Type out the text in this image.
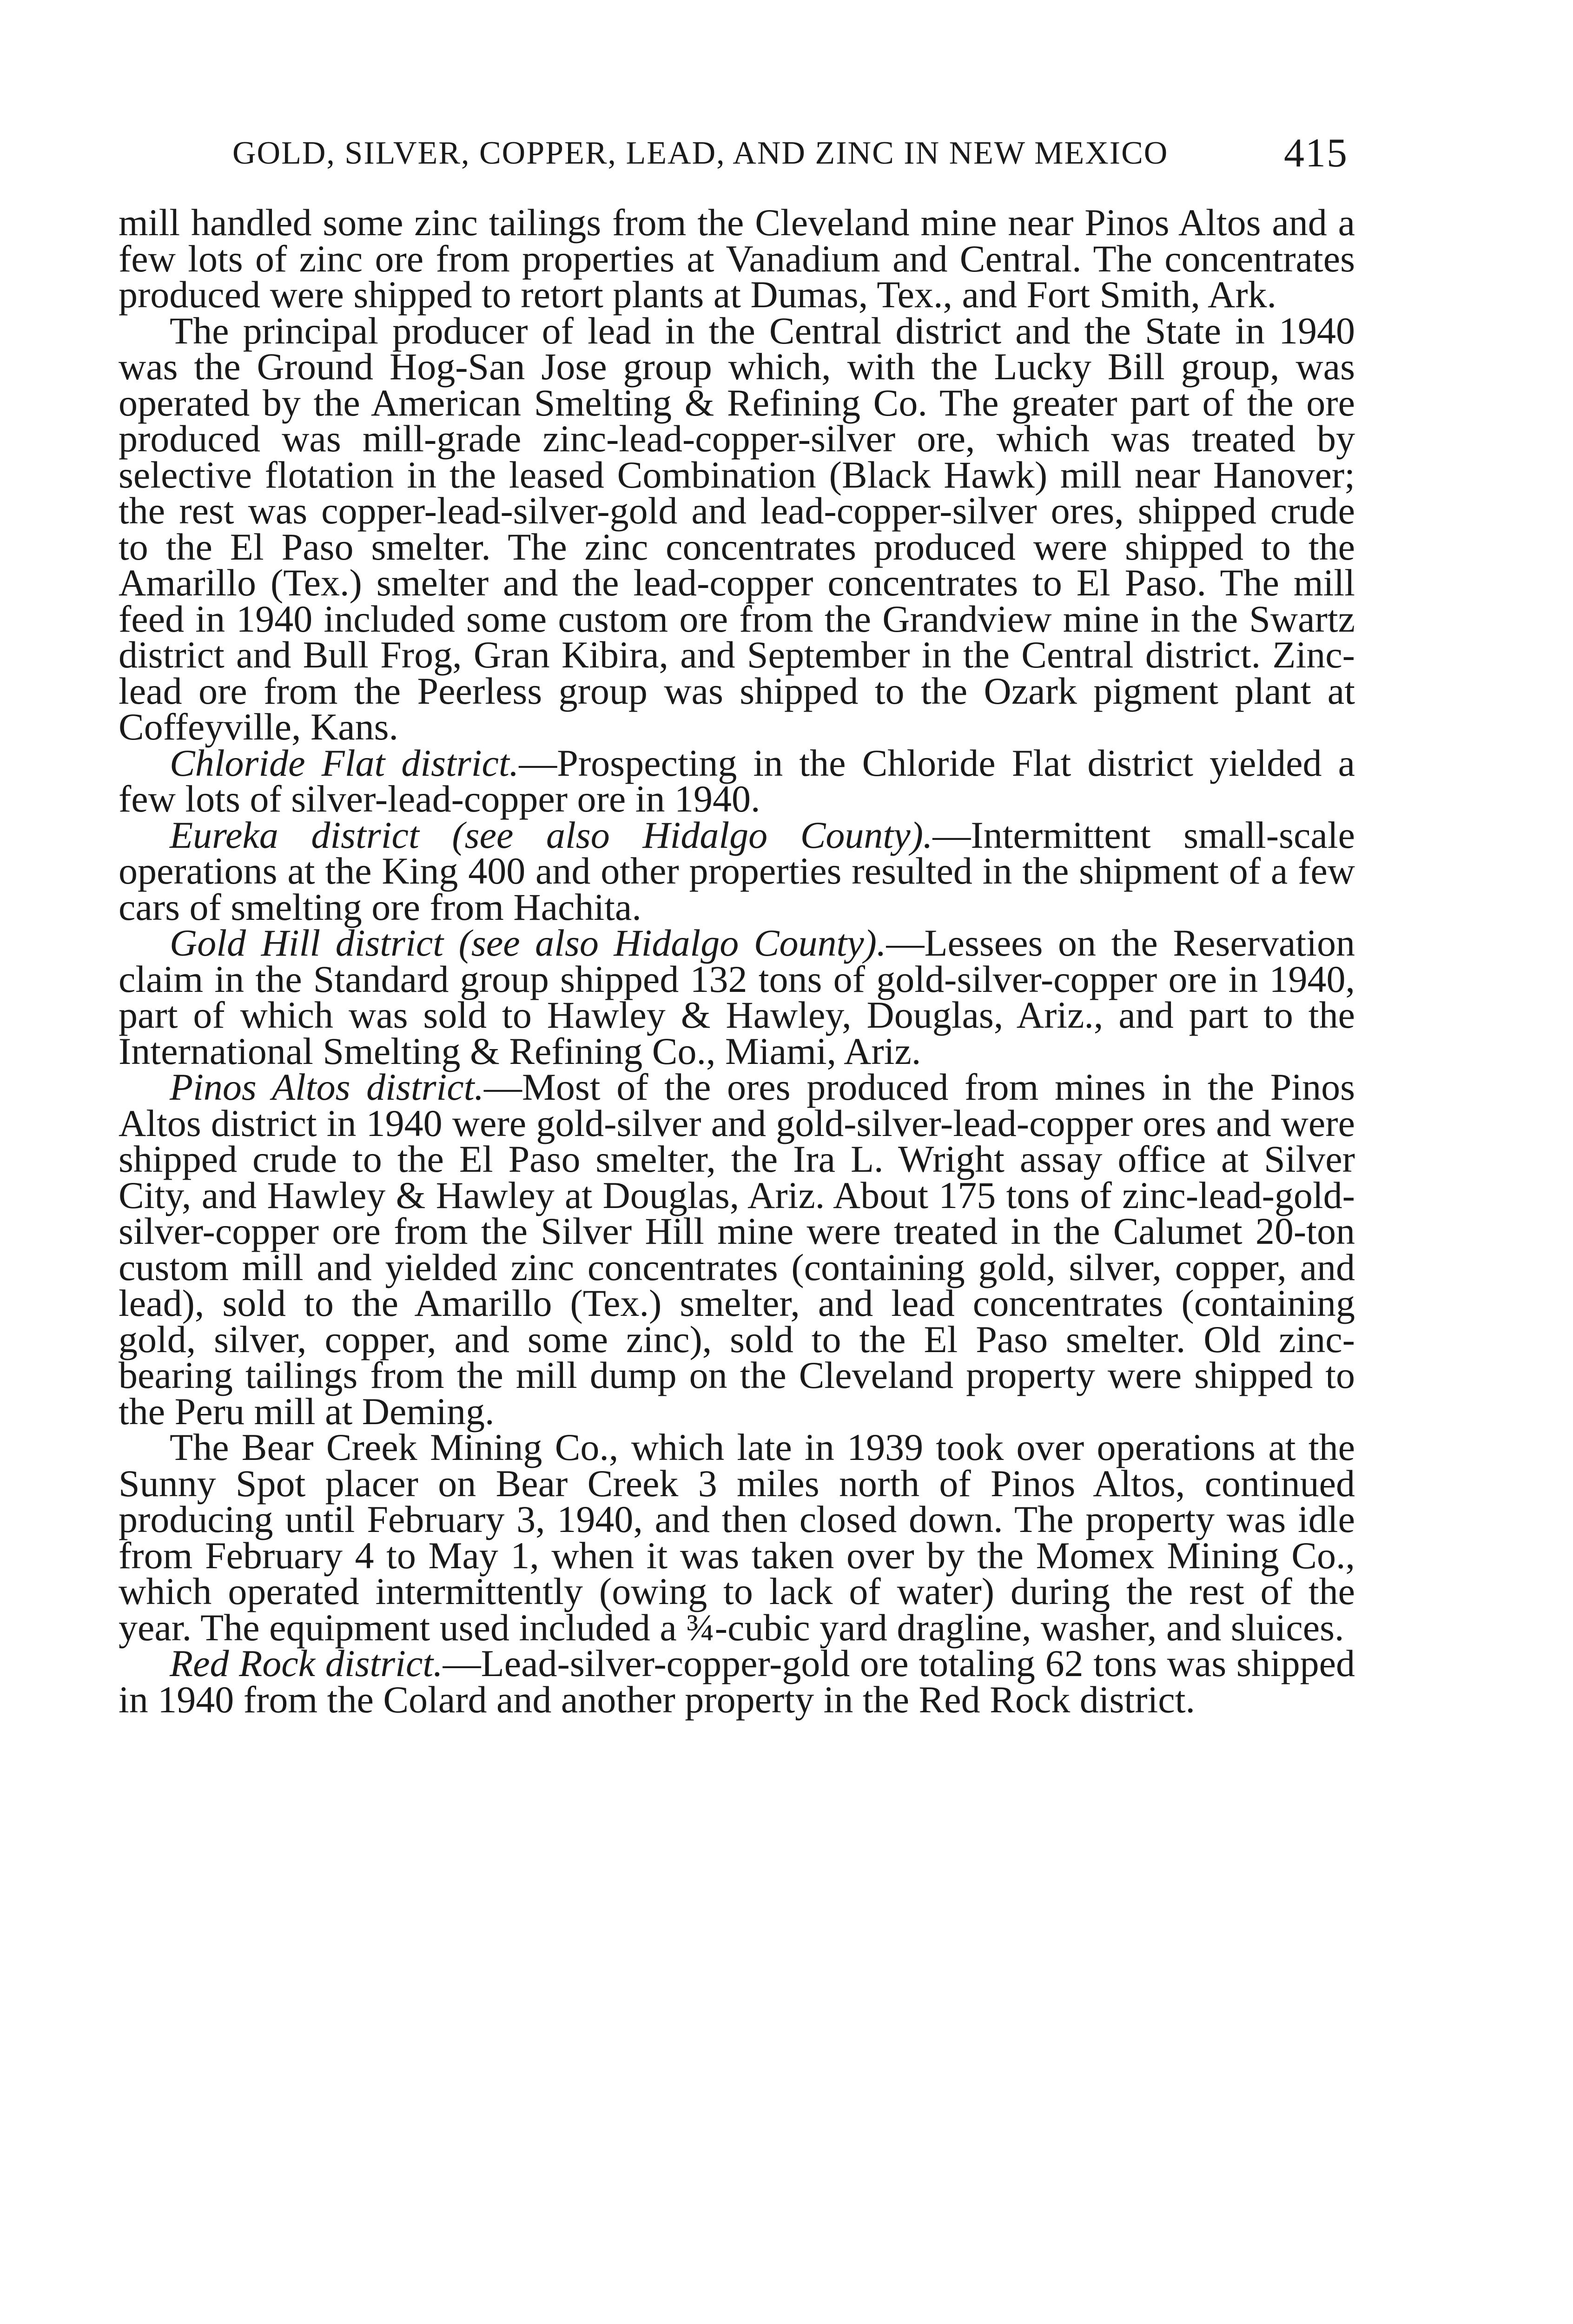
GOLD, SILVER, COPPER, LEAD, AND ZINC IN NEW MEXICO	415

mill handled some zinc tailings from the Cleveland mine near Pinos Altos and a few lots of zinc ore from properties at Vanadium and Central. The concentrates produced were shipped to retort plants at Dumas, Tex., and Fort Smith, Ark.

The principal producer of lead in the Central district and the State in 1940 was the Ground Hog-San Jose group which, with the Lucky Bill group, was operated by the American Smelting & Refining Co. The greater part of the ore produced was mill-grade zinc-lead-copper-silver ore, which was treated by selective flotation in the leased Combination (Black Hawk) mill near Hanover; the rest was copper-lead-silver-gold and lead-copper-silver ores, shipped crude to the El Paso smelter. The zinc concentrates produced were shipped to the Amarillo (Tex.) smelter and the lead-copper concentrates to El Paso. The mill feed in 1940 included some custom ore from the Grandview mine in the Swartz district and Bull Frog, Gran Kibira, and September in the Central district. Zinc-lead ore from the Peerless group was shipped to the Ozark pigment plant at Coffeyville, Kans.

Chloride Flat district.—Prospecting in the Chloride Flat district yielded a few lots of silver-lead-copper ore in 1940.

Eureka district (see also Hidalgo County).—Intermittent small-scale operations at the King 400 and other properties resulted in the shipment of a few cars of smelting ore from Hachita.

Gold Hill district (see also Hidalgo County).—Lessees on the Reservation claim in the Standard group shipped 132 tons of gold-silver-copper ore in 1940, part of which was sold to Hawley & Hawley, Douglas, Ariz., and part to the International Smelting & Refining Co., Miami, Ariz.

Pinos Altos district.—Most of the ores produced from mines in the Pinos Altos district in 1940 were gold-silver and gold-silver-lead-copper ores and were shipped crude to the El Paso smelter, the Ira L. Wright assay office at Silver City, and Hawley & Hawley at Douglas, Ariz. About 175 tons of zinc-lead-gold-silver-copper ore from the Silver Hill mine were treated in the Calumet 20-ton custom mill and yielded zinc concentrates (containing gold, silver, copper, and lead), sold to the Amarillo (Tex.) smelter, and lead concentrates (containing gold, silver, copper, and some zinc), sold to the El Paso smelter. Old zinc-bearing tailings from the mill dump on the Cleveland property were shipped to the Peru mill at Deming.

The Bear Creek Mining Co., which late in 1939 took over operations at the Sunny Spot placer on Bear Creek 3 miles north of Pinos Altos, continued producing until February 3, 1940, and then closed down. The property was idle from February 4 to May 1, when it was taken over by the Momex Mining Co., which operated intermittently (owing to lack of water) during the rest of the year. The equipment used included a ¾-cubic yard dragline, washer, and sluices.

Red Rock district.—Lead-silver-copper-gold ore totaling 62 tons was shipped in 1940 from the Colard and another property in the Red Rock district.
